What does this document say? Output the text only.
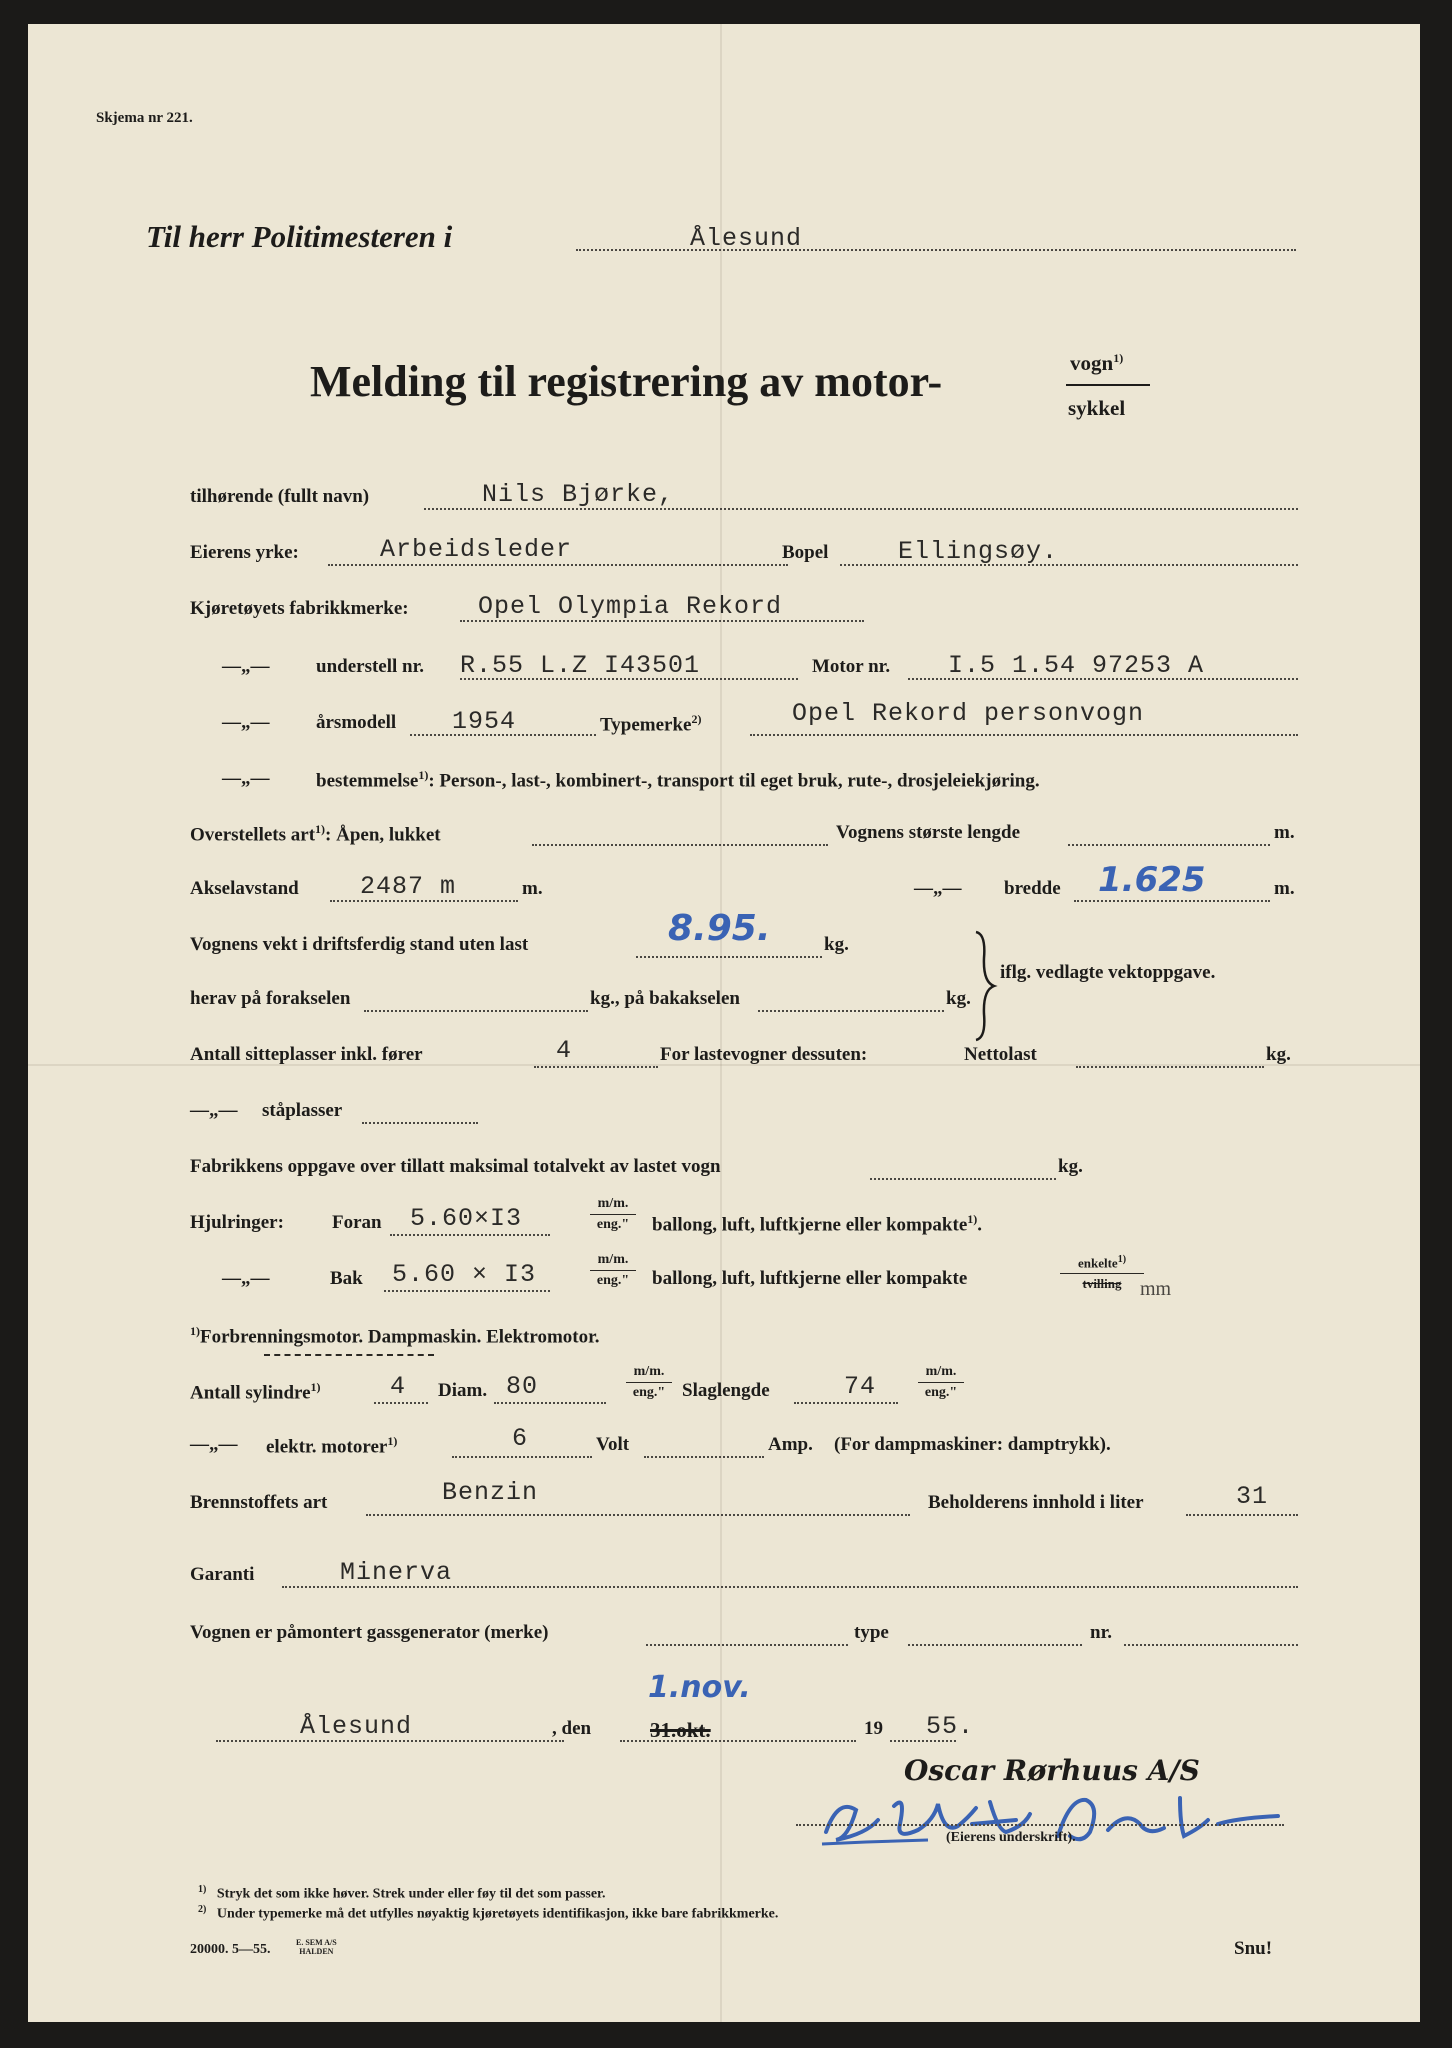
Skjema nr 221.
Til herr Politimesteren i	Ålesund
Melding til registrering av motor-	vogn$^{1)}$
sykkel
tilhørende (fullt navn)	Nils Bjørke,
Eierens yrke:	Arbeidsleder	Bopel	Ellingsøy.
Kjøretøyets fabrikkmerke:	Opel Olympia Rekord
—„— understell nr. R.55 L.Z I43501	Motor nr. I.5 1.54 97253 A
—„— årsmodell 1954	Typemerke$^{2)}$	Opel Rekord personvogn
—„— bestemmelse$^{1)}$: Person-, last-, kombinert-, transport til eget bruk, rute-, drosjeleiekjøring.
Overstellets art$^{1)}$: Åpen, lukket	Vognens største lengde	m.
Akselavstand 2487 m	m.	—„— bredde 1.625	m.
Vognens vekt i driftsferdig stand uten last	8.95.	kg.
herav på forakselen	kg., på bakakselen	kg.
iflg. vedlagte vektoppgave.
Antall sitteplasser inkl. fører	4	For lastevogner dessuten:	Nettolast	kg.
—„— ståplasser
Fabrikkens oppgave over tillatt maksimal totalvekt av lastet vogn	kg.
Hjulringer:	Foran 5.60×I3
m/m.
eng."	ballong, luft, luftkjerne eller kompakte$^{1)}$.
—„—	Bak 5.60 × I3
m/m.
eng."	ballong, luft, luftkjerne eller kompakte
enkelte$^{1)}$
tvilling mm
$^{1)}$Forbrenningsmotor. Dampmaskin. Elektromotor.
Antall sylindre$^{1)}$	4 Diam. 80
m/m.
eng." Slaglengde	74
m/m.
eng."
—„— elektr. motorer$^{1)}$	6	Volt	Amp. (For dampmaskiner: damptrykk).
Brennstoffets art	Benzin	Beholderens innhold i liter	31
Garanti	Minerva
Vognen er påmontert gassgenerator (merke)	type	nr.
Ålesund	, den	31.okt.
1.nov.
19 55.
Oscar Rørhuus A/S
(Eierens underskrift).
$^{1)}$ Stryk det som ikke høver. Strek under eller føy til det som passer.
$^{2)}$ Under typemerke må det utfylles nøyaktig kjøretøyets identifikasjon, ikke bare fabrikkmerke.
20000. 5—55.	E. SEM A/S
HALDEN	Snu!
